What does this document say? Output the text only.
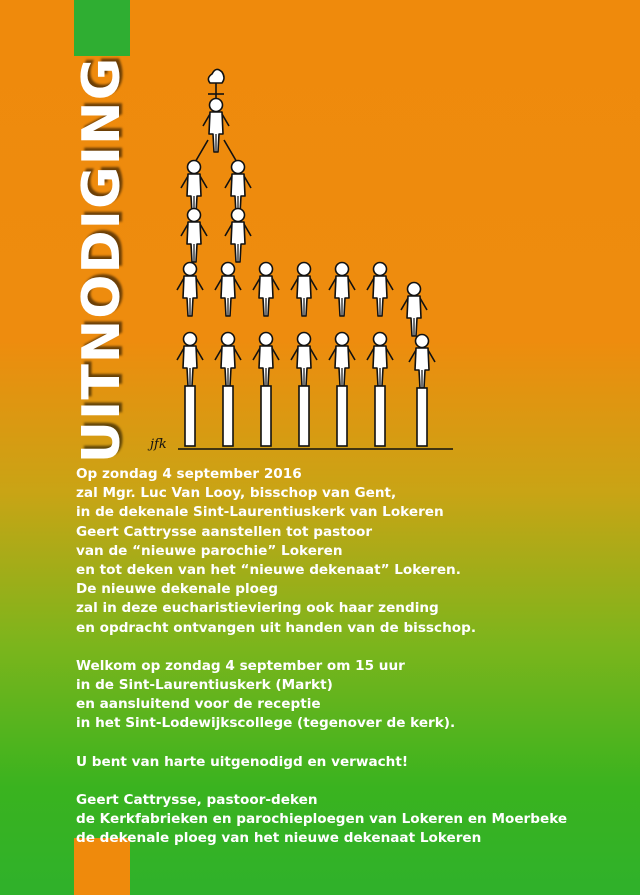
UITNODIGING jfk

Op zondag 4 september 2016

zal Mgr. Luc Van Looy, bisschop van Gent,

in de dekenale Sint-Laurentiuskerk van Lokeren

Geert Cattrysse aanstellen tot pastoor

van de “nieuwe parochie” Lokeren

en tot deken van het “nieuwe dekenaat” Lokeren.

De nieuwe dekenale ploeg

zal in deze eucharistieviering ook haar zending

en opdracht ontvangen uit handen van de bisschop.

Welkom op zondag 4 september om 15 uur

in de Sint-Laurentiuskerk (Markt)

en aansluitend voor de receptie

in het Sint-Lodewijkscollege (tegenover de kerk).

U bent van harte uitgenodigd en verwacht!

Geert Cattrysse, pastoor-deken

de Kerkfabrieken en parochieploegen van Lokeren en Moerbeke

de dekenale ploeg van het nieuwe dekenaat Lokeren
